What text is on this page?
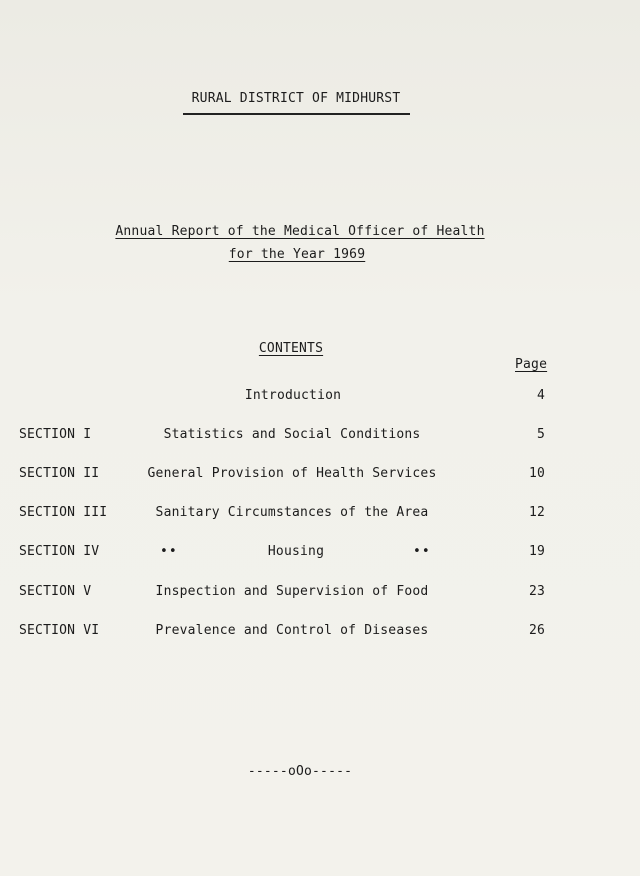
RURAL DISTRICT OF MIDHURST
Annual Report of the Medical Officer of Health
for the Year 1969
CONTENTS
Page
Introduction	4
SECTION I	Statistics and Social Conditions	5
SECTION II	General Provision of Health Services	10
SECTION III	Sanitary Circumstances of the Area	12
SECTION IV	••	Housing	••	19
SECTION V	Inspection and Supervision of Food	23
SECTION VI	Prevalence and Control of Diseases	26
-----oOo-----
